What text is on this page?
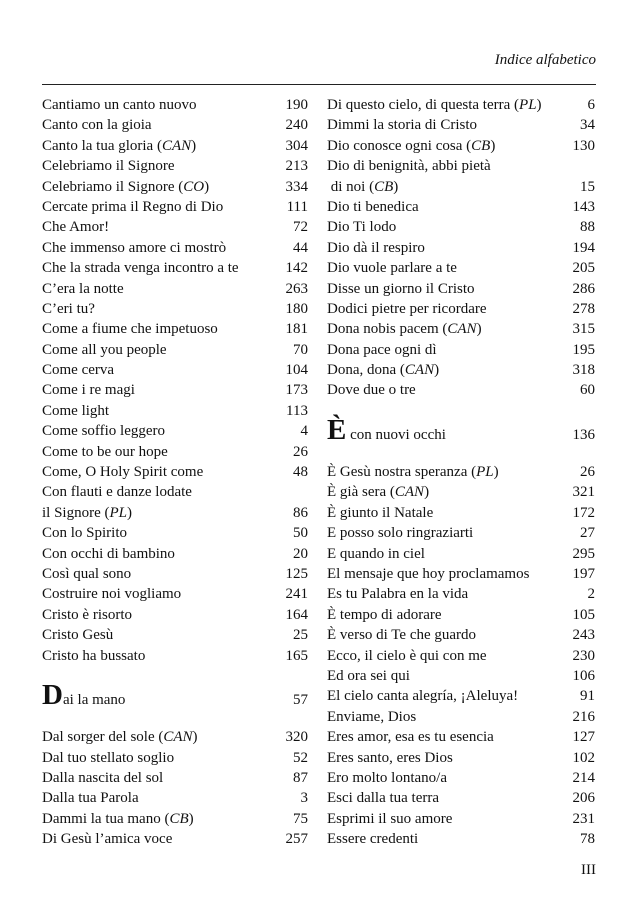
Indice alfabetico
Cantiamo un canto nuovo	190
Canto con la gioia	240
Canto la tua gloria (CAN)	304
Celebriamo il Signore	213
Celebriamo il Signore (CO)	334
Cercate prima il Regno di Dio	111
Che Amor!	72
Che immenso amore ci mostrò	44
Che la strada venga incontro a te	142
C’era la notte	263
C’eri tu?	180
Come a fiume che impetuoso	181
Come all you people	70
Come cerva	104
Come i re magi	173
Come light	113
Come soffio leggero	4
Come to be our hope	26
Come, O Holy Spirit come	48
Con flauti e danze lodate
il Signore (PL)	86
Con lo Spirito	50
Con occhi di bambino	20
Così qual sono	125
Costruire noi vogliamo	241
Cristo è risorto	164
Cristo Gesù	25
Cristo ha bussato	165
Dai la mano	57
Dal sorger del sole (CAN)	320
Dal tuo stellato soglio	52
Dalla nascita del sol	87
Dalla tua Parola	3
Dammi la tua mano (CB)	75
Di Gesù l’amica voce	257
Di questo cielo, di questa terra (PL)	6
Dimmi la storia di Cristo	34
Dio conosce ogni cosa (CB)	130
Dio di benignità, abbi pietà
di noi (CB)	15
Dio ti benedica	143
Dio Ti lodo	88
Dio dà il respiro	194
Dio vuole parlare a te	205
Disse un giorno il Cristo	286
Dodici pietre per ricordare	278
Dona nobis pacem (CAN)	315
Dona pace ogni dì	195
Dona, dona (CAN)	318
Dove due o tre	60
È con nuovi occhi	136
È Gesù nostra speranza (PL)	26
È già sera (CAN)	321
È giunto il Natale	172
E posso solo ringraziarti	27
E quando in ciel	295
El mensaje que hoy proclamamos	197
Es tu Palabra en la vida	2
È tempo di adorare	105
È verso di Te che guardo	243
Ecco, il cielo è qui con me	230
Ed ora sei qui	106
El cielo canta alegría, ¡Aleluya!	91
Enviame, Dios	216
Eres amor, esa es tu esencia	127
Eres santo, eres Dios	102
Ero molto lontano/a	214
Esci dalla tua terra	206
Esprimi il suo amore	231
Essere credenti	78
III
